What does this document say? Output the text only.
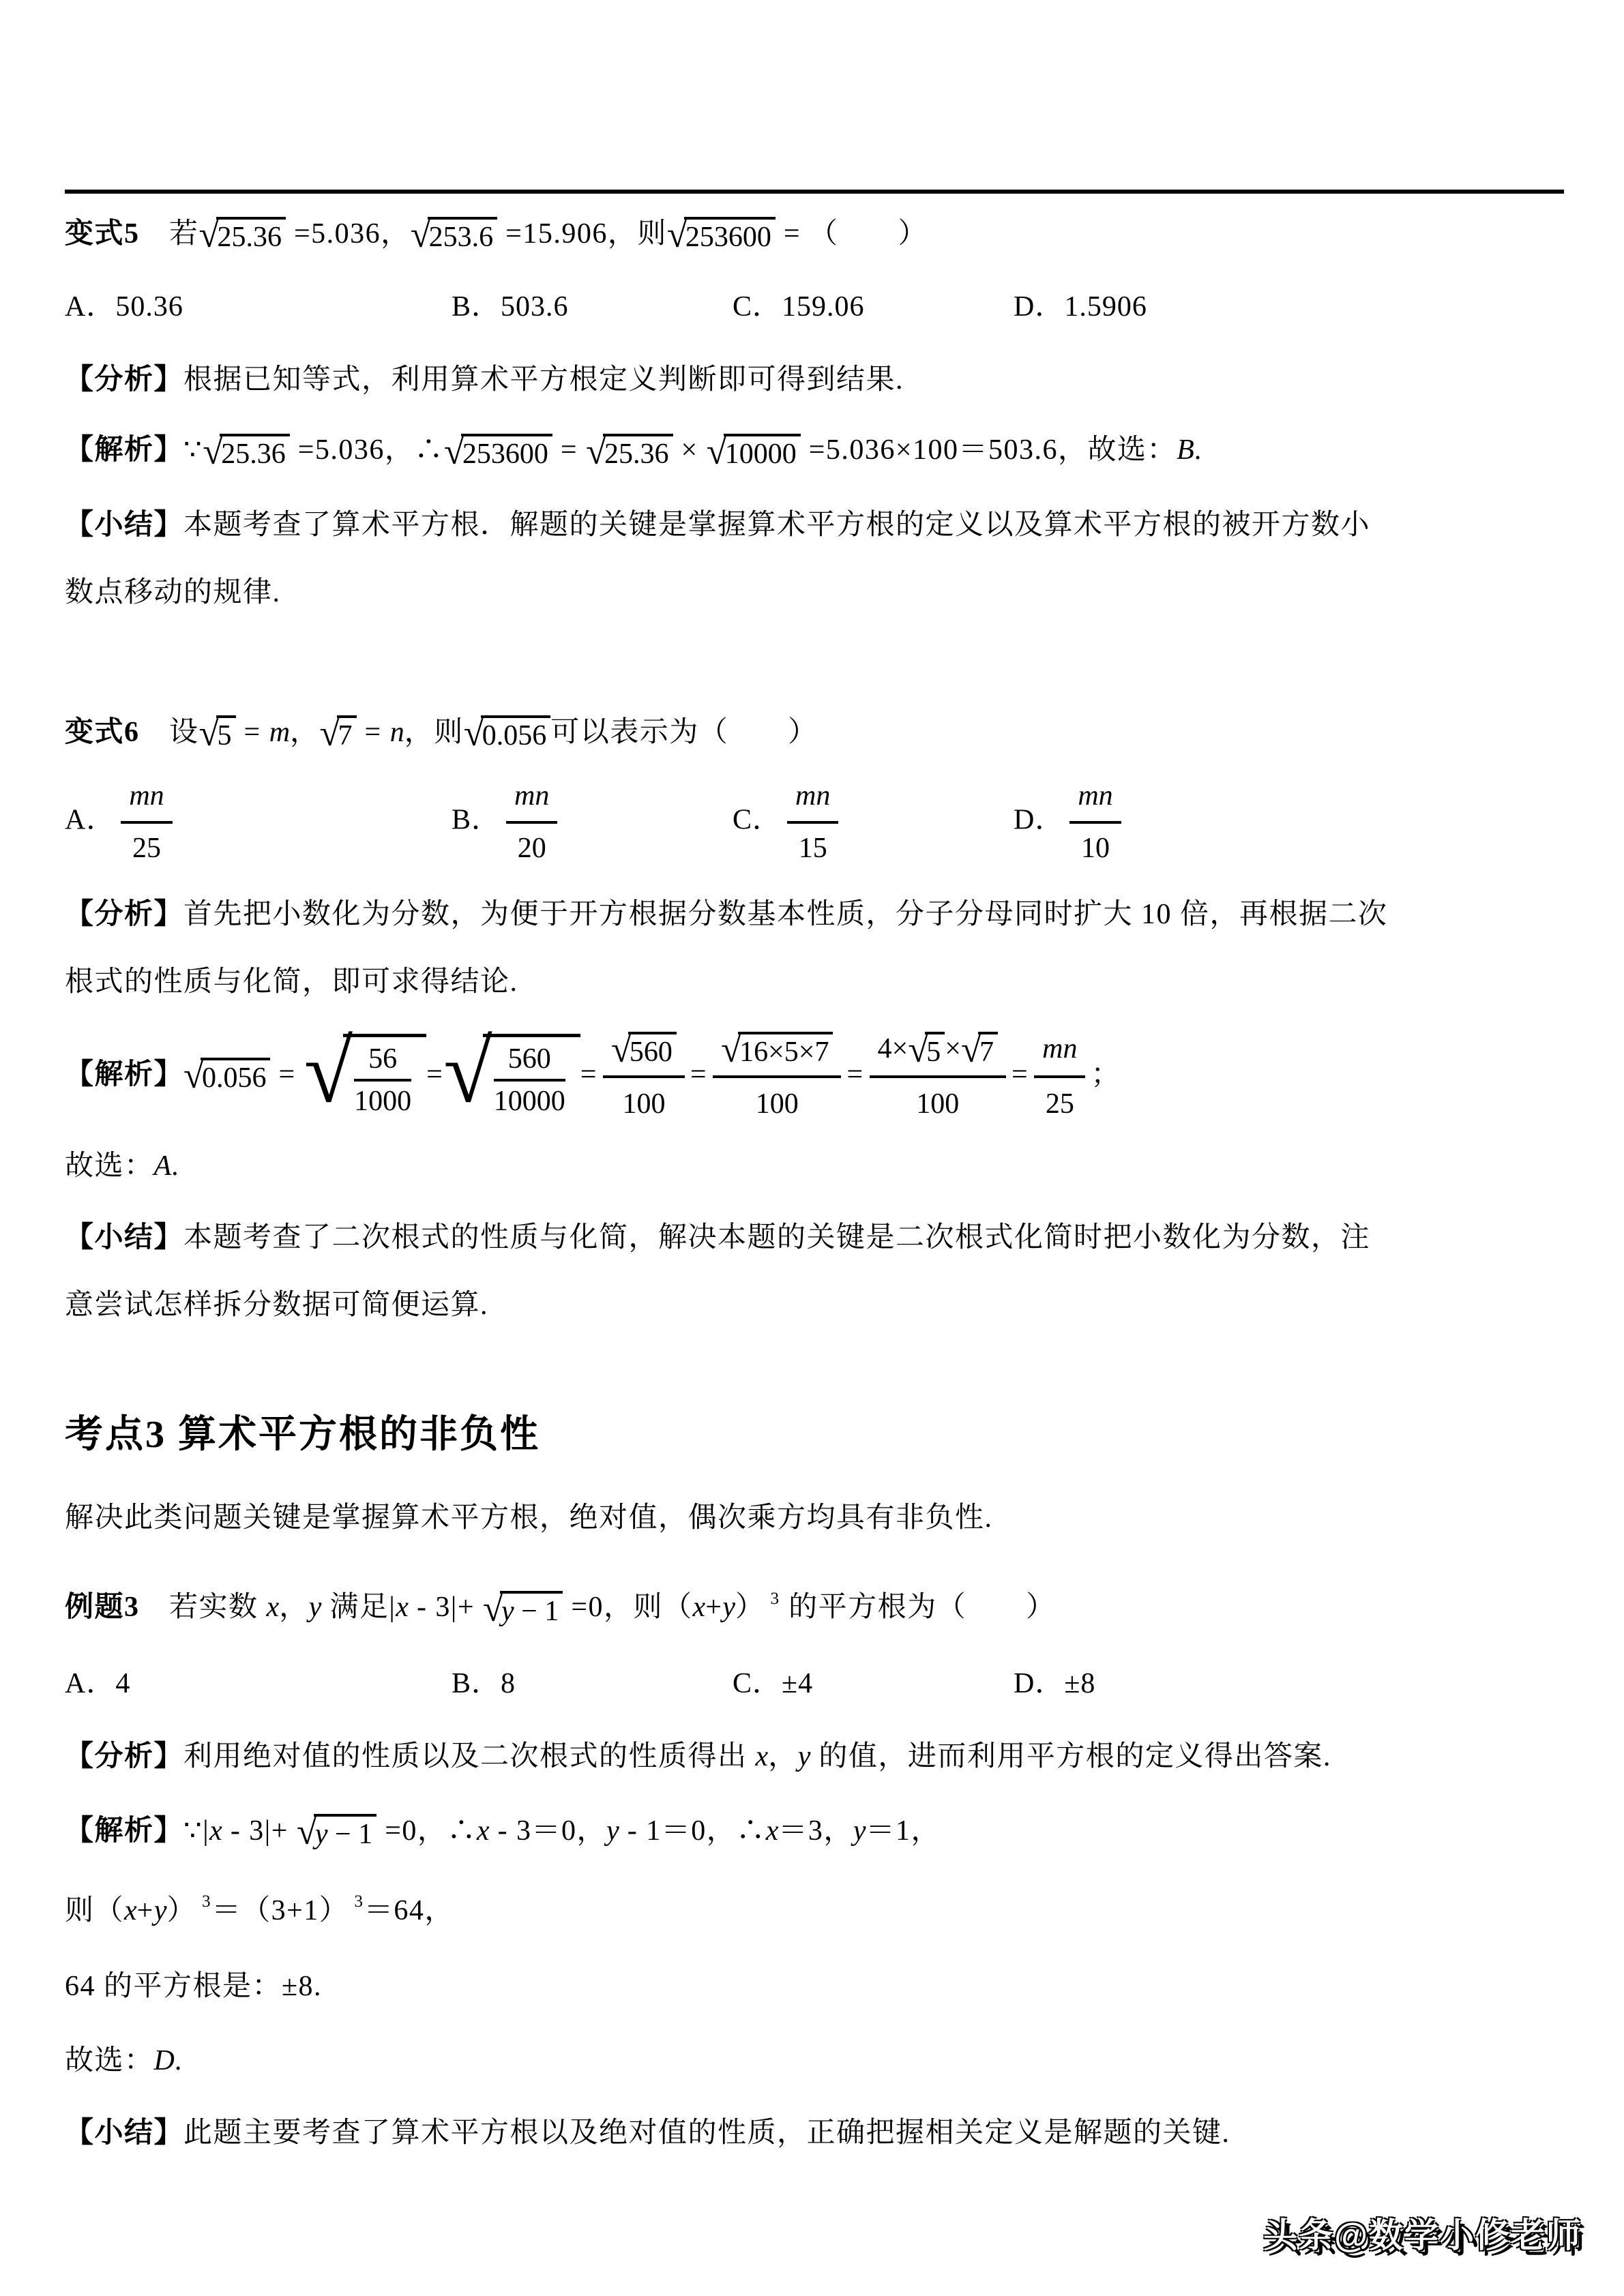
变式5　若 √
25.36 =5.036， √
253.6 =15.906，则 √
253600 = （　　）
A．50.36	B．503.6	C．159.06	D．1.5906
【分析】根据已知等式，利用算术平方根定义判断即可得到结果.
【解析】∵ √
25.36 =5.036，∴ √
253600 = √
25.36 × √
10000 =5.036×100＝503.6，故选：B.
【小结】本题考查了算术平方根．解题的关键是掌握算术平方根的定义以及算术平方根的被开方数小
数点移动的规律.
变式6　设 √
5 = m， √
7 = n，则 √
0.056 可以表示为（　　）
A． $\frac{mn}{25}$	B． $\frac{mn}{20}$	C． $\frac{mn}{15}$	D． $\frac{mn}{10}$
【分析】首先把小数化为分数，为便于开方根据分数基本性质，分子分母同时扩大 10 倍，再根据二次
根式的性质与化简，即可求得结论.
【解析】 √
0.056 = √ $\frac{56}{1000}$ = √ $\frac{560}{10000}$ = √
560
100 = √
16×5×7
100 = 4× √
5 × √
7
$100 = \frac{mn}{25}$ ；
故选：A.
【小结】本题考查了二次根式的性质与化简，解决本题的关键是二次根式化简时把小数化为分数，注
意尝试怎样拆分数据可简便运算.
考点3 算术平方根的非负性
解决此类问题关键是掌握算术平方根，绝对值，偶次乘方均具有非负性.
例题3　若实数 x，y 满足|x - 3|+ √
y − 1 =0，则（x+y） $^3$ 的平方根为（　　）
A．4	B．8	C．±4	D．±8
【分析】利用绝对值的性质以及二次根式的性质得出 x，y 的值，进而利用平方根的定义得出答案.
【解析】∵|x - 3|+ √
y − 1 =0，∴x - 3＝0，y - 1＝0，∴x＝3，y＝1，
则（x+y） $^3$＝（3+1） $^3$＝64，
64 的平方根是：±8.
故选：D.
【小结】此题主要考查了算术平方根以及绝对值的性质，正确把握相关定义是解题的关键.
头条@数学小修老师
